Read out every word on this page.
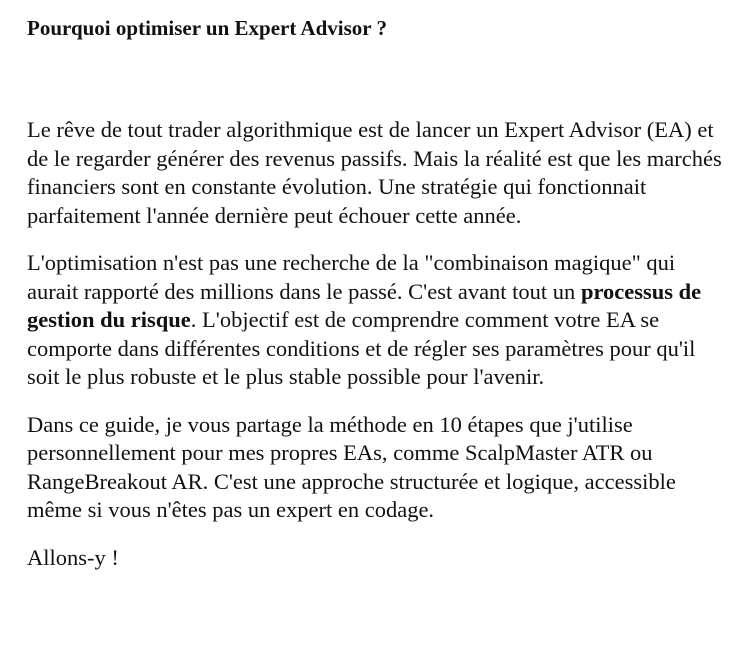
Pourquoi optimiser un Expert Advisor ?

Le rêve de tout trader algorithmique est de lancer un Expert Advisor (EA) et de le regarder générer des revenus passifs. Mais la réalité est que les marchés financiers sont en constante évolution. Une stratégie qui fonctionnait parfaitement l'année dernière peut échouer cette année.

L'optimisation n'est pas une recherche de la "combinaison magique" qui aurait rapporté des millions dans le passé. C'est avant tout un processus de gestion du risque. L'objectif est de comprendre comment votre EA se comporte dans différentes conditions et de régler ses paramètres pour qu'il soit le plus robuste et le plus stable possible pour l'avenir.

Dans ce guide, je vous partage la méthode en 10 étapes que j'utilise personnellement pour mes propres EAs, comme ScalpMaster ATR ou RangeBreakout AR. C'est une approche structurée et logique, accessible même si vous n'êtes pas un expert en codage.

Allons-y !
